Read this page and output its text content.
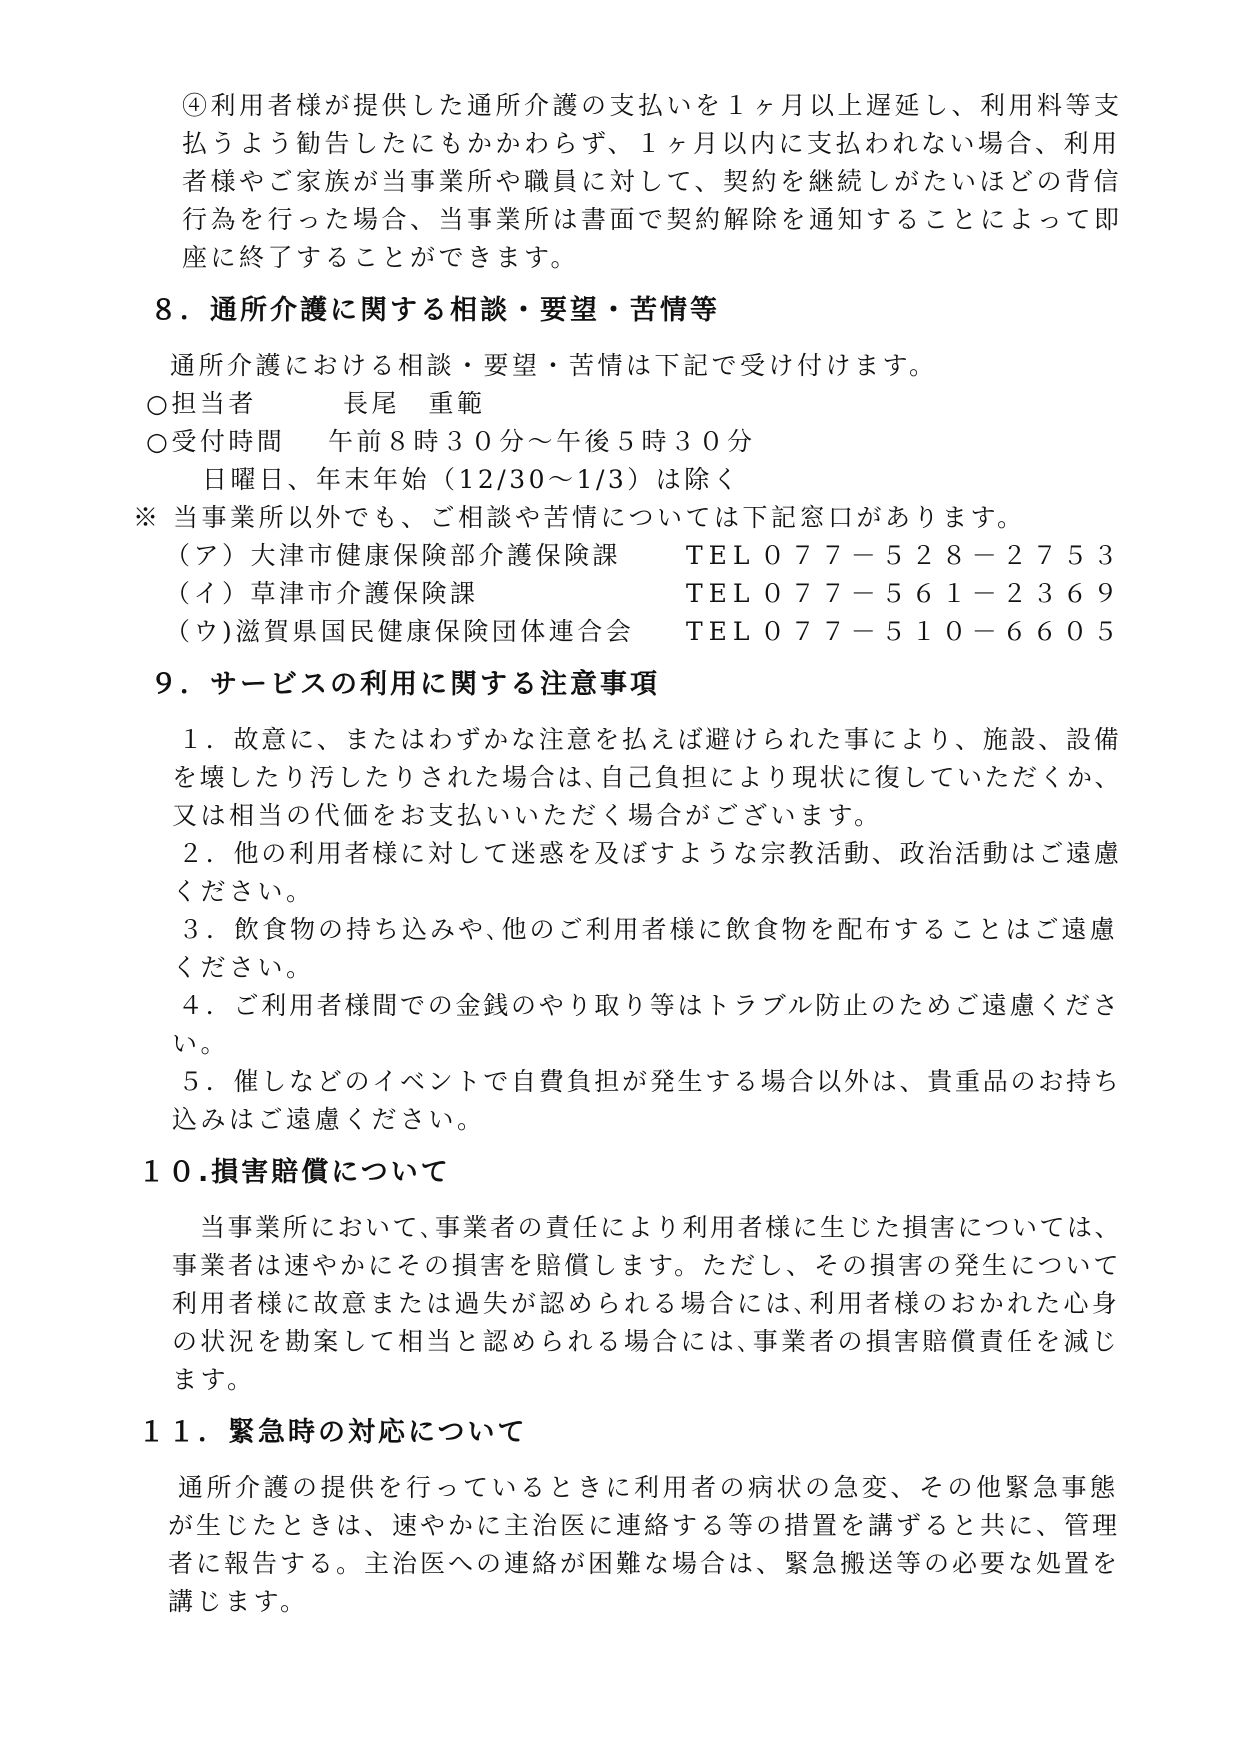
④利用者様が提供した通所介護の支払いを１ヶ月以上遅延し、利用料等支
払うよう勧告したにもかかわらず、１ヶ月以内に支払われない場合、利用
者様やご家族が当事業所や職員に対して、契約を継続しがたいほどの背信
行為を行った場合、当事業所は書面で契約解除を通知することによって即
座に終了することができます。
８．通所介護に関する相談・要望・苦情等
通所介護における相談・要望・苦情は下記で受け付けます。
○担当者	長尾　重範
○受付時間 午前８時３０分～午後５時３０分
日曜日、年末年始（12/30～1/3）は除く
※ 当事業所以外でも、ご相談や苦情については下記窓口があります。
（ア）大津市健康保険部介護保険課	TEL ０７７－５２８－２７５３
（イ）草津市介護保険課	TEL ０７７－５６１－２３６９
（ウ)滋賀県国民健康保険団体連合会 TEL ０７７－５１０－６６０５
９．サービスの利用に関する注意事項
１．故意に、またはわずかな注意を払えば避けられた事により、施設、設備
を壊したり汚したりされた場合は､自己負担により現状に復していただくか、
又は相当の代価をお支払いいただく場合がございます。
２．他の利用者様に対して迷惑を及ぼすような宗教活動、政治活動はご遠慮
ください。
３．飲食物の持ち込みや､他のご利用者様に飲食物を配布することはご遠慮
ください。
４．ご利用者様間での金銭のやり取り等はトラブル防止のためご遠慮くださ
い。
５．催しなどのイベントで自費負担が発生する場合以外は、貴重品のお持ち
込みはご遠慮ください。
１０.損害賠償について
当事業所において､事業者の責任により利用者様に生じた損害については、
事業者は速やかにその損害を賠償します。ただし、その損害の発生について
利用者様に故意または過失が認められる場合には､利用者様のおかれた心身
の状況を勘案して相当と認められる場合には､事業者の損害賠償責任を減じ
ます。
１１．緊急時の対応について
通所介護の提供を行っているときに利用者の病状の急変、その他緊急事態
が生じたときは、速やかに主治医に連絡する等の措置を講ずると共に、管理
者に報告する。主治医への連絡が困難な場合は、緊急搬送等の必要な処置を
講じます。
